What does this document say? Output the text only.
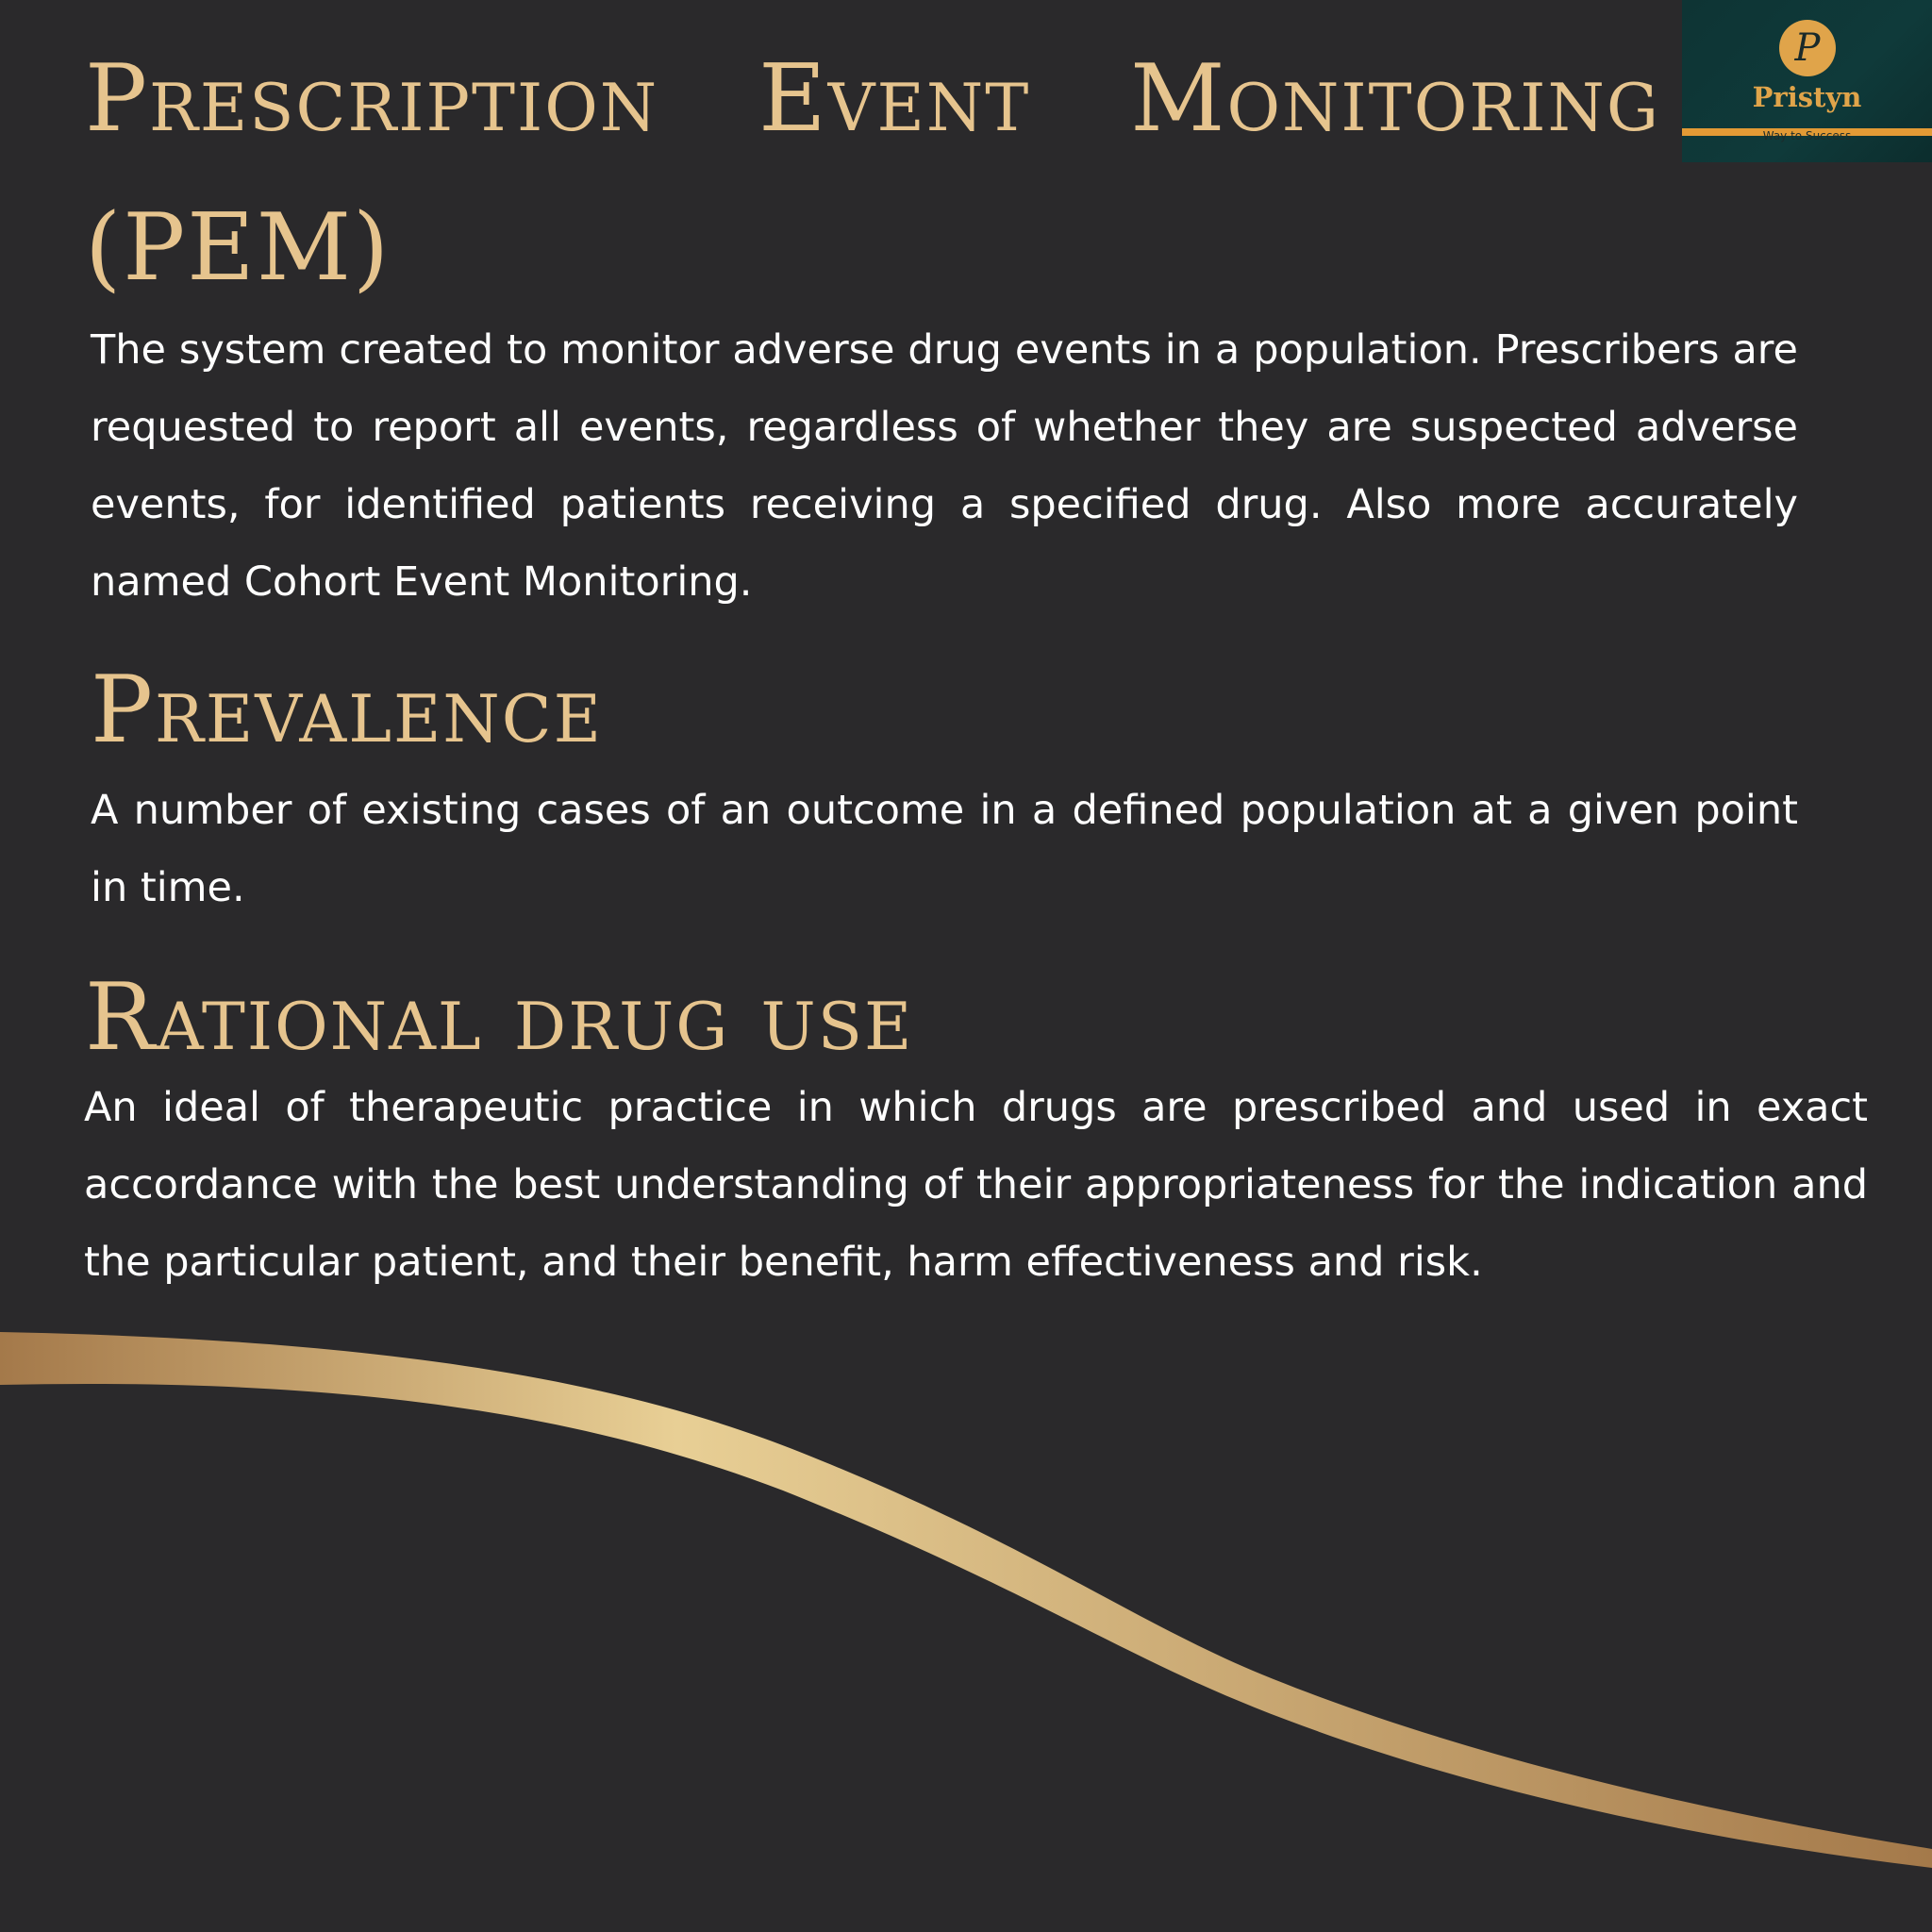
P
Pristyn
Way to Success
Prescription Event Monitoring
(PEM)

The system created to monitor adverse drug events in a population. Prescribers are requested to report all events, regardless of whether they are suspected adverse events, for identified patients receiving a specified drug. Also more accurately named Cohort Event Monitoring.

Prevalence

A number of existing cases of an outcome in a defined population at a given point in time.

Rational drug use

An ideal of therapeutic practice in which drugs are prescribed and used in exact accordance with the best understanding of their appropriateness for the indication and the particular patient, and their benefit, harm effectiveness and risk.
